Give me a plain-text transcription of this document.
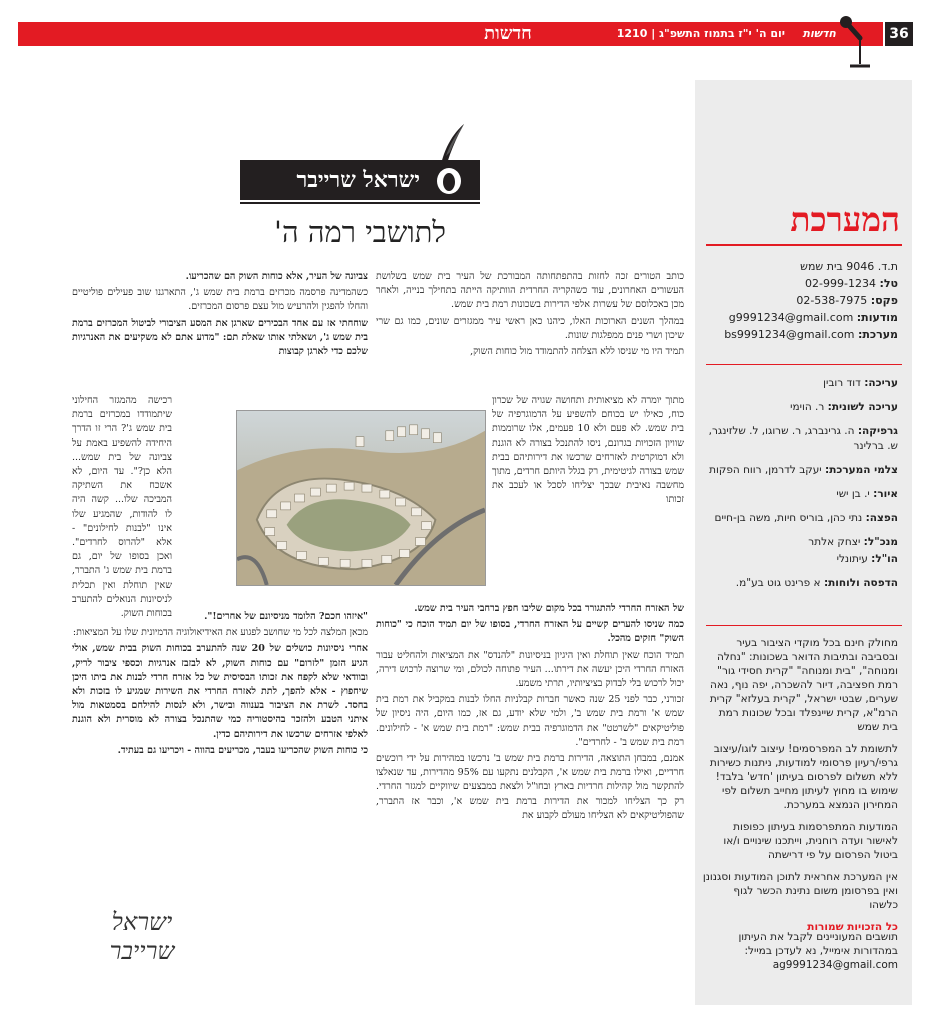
חדשות	יום ה' י"ז בתמוז התשפ"ג | 1210	חדשות	36
המערכת
ת.ד. 9046 בית שמש
טל: 02-999-1234
פקס: 02-538-7975
מודעות: g9991234@gmail.com
מערכת: bs9991234@gmail.com
עריכה: דוד רובין
עריכה לשונית: ר. הוימי
גרפיקה: ה. גרינברג, ר. שרוגו, ל. שלזינגר, ש. ברלינר
צלמי המערכת: יעקב לדרמן, רווח הפקות
איור: י. בן ישי
הפצה: נתי כהן, בוריס חיות, משה בן-חיים
מנכ"ל: יצחק אלתר
הו"ל: עיתונלי
הדפסה ולוחות: א פרינט גוט בע"מ.

מחולק חינם בכל מוקדי הציבור בעיר ובסביבה ובתיבות הדואר בשכונות: "נחלה ומנוחה", "בית ומנוחה" "קרית חסידי גור" רמת חפציבה, דיור להשכרה, יפה נוף, נאה שערים, שבטי ישראל, "קרית בעלזא" קרית הרמ"א, קרית שיינפלד ובכל שכונות רמת בית שמש

לתשומת לב המפרסמים! עיצוב לוגו/עיצוב גרפי/רעיון פרסומי למודעות, ניתנות כשירות ללא תשלום לפרסום בעיתון 'חדש' בלבד! שימוש בו מחוץ לעיתון מחייב תשלום לפי המחירון הנמצא במערכת.

המודעות המתפרסמות בעיתון כפופות לאישור ועדה רוחנית, וייתכנו שינויים ו/או ביטול הפרסום על פי דרישתה

אין המערכת אחראית לתוכן המודעות וסגנונן ואין בפרסומן משום נתינת הכשר לגוף כלשהו

כל הזכויות שמורות

תושבים המעוניינים לקבל את העיתון במהדורות אימייל, נא לעדכן במייל:
ag9991234@gmail.com
ישראל שרייבר
לתושבי רמה ה'

כותב הטורים זכה לחזות בהתפתחותה המבורכת של העיר בית שמש בשלושת העשורים האחרונים, עוד כשהקריה החרדית הוותיקה הייתה בתחילך בנייה, ולאחר מכן באכלוסם של עשרות אלפי הדירות בשכונות רמת בית שמש.

במהלך השנים הארוכות האלו, כיהנו כאן ראשי עיר ממגזרים שונים, כמו גם שרי שיכון ושרי פנים ממפלגות שונות.

תמיד היו מי שניסו ללא הצלחה להתמודד מול כוחות השוק,

מתוך יומרה לא מציאותית ותחושה שגויה של שכרון כוח, כאילו יש בכוחם להשפיע על הדמוגרפיה של בית שמש. לא פעם ולא 10 פעמים, אלו שרוממות שוויון הזכויות בגרונם, ניסו להתנכל בצורה לא הוגנת ולא דמוקרטית לאזרחים שרכשו את דירותיהם בבית שמש בצורה לגיטימית, רק בגלל היותם חרדים, מתוך מחשבה נאיבית שבכך יצליחו לסכל או לעכב את זכותו

של האזרח החרדי להתגורר בכל מקום שליבו חפץ ברחבי העיר בית שמש.

כמה שניסו להערים קשיים על האזרח החרדי, בסופו של יום תמיד הוכח כי "כוחות השוק" חזקים מהכל.

תמיד הוכח שאין תוחלת ואין היגיון בניסיונות "להנדס" את המציאות ולהחליט עבור האזרח החרדי היכן יעשה את דירתו... העיר פתוחה לכולם, ומי שרוצה לרכוש דירה, יכול לרכוש בלי לבדוק בציציותיו, תרתי משמע.

זכורני, כבר לפני 25 שנה כאשר חברות קבלניות החלו לבנות במקביל את רמת בית שמש א' ורמת בית שמש ב', ולמי שלא יודע, גם אז, כמו היום, היה ניסיון של פוליטיקאים "לשרטט" את הדמוגרפיה בבית שמש: "רמת בית שמש א' - לחילונים. רמת בית שמש ב' - לחרדים".

אמנם, במבחן התוצאה, הדירות ברמת בית שמש ב' נרכשו במהירות על ידי רוכשים חרדיים, ואילו ברמת בית שמש א', הקבלנים נתקעו עם 95% מהדירות, עד שנאלצו להתקשר מול קהילות חרדיות בארץ ובחו"ל ולצאת במבצעים שיווקיים למגזר החרדי. רק כך הצליחו למכור את הדירות ברמת בית שמש א', וכבר אז התברר, שהפוליטיקאים לא הצליחו מעולם לקבוע את

צביונה של העיר, אלא כוחות השוק הם שהכריעו.

כשהמדינה פרסמה מכרזים ברמת בית שמש ג', התארגנו שוב פעילים פוליטיים והחלו להפגין ולהרעיש מול עצם פרסום המכרזים.

שוחחתי אז עם אחד הבכירים שארגן את המסע הציבורי לביטול המכרזים ברמת בית שמש ג', ושאלתי אותו שאלת תם: "מדוע אתם לא משקיעים את האנרגיות שלכם כדי לארגן קבוצות

רכישה מהמגזר החילוני שיתמודדו במכרזים ברמת בית שמש ג'? הרי זו הדרך היחידה להשפיע באמת על צביונה של בית שמש... הלא כן?". עד היום, לא אשכח את השתיקה המביכה שלו... קשה היה לו להודות, שהמגיע שלו אינו "לבנות לחילונים" - אלא "להרוס לחרדים". ואכן בסופו של יום, גם ברמת בית שמש ג' התברר, שאין תוחלת ואין תכלית לניסיונות הנואלים להתערב בכוחות השוק.	"איזהו חכם? הלומד מניסיונם של אחרים!".

מכאן המלצה לכל מי שחושב לפגוע את האידיאולוגיה הדמיונית שלו על המציאות:

אחרי ניסיונות כושלים של 20 שנה להתערב בכוחות השוק בבית שמש, אולי הגיע הזמן "לזרום" עם כוחות השוק, לא לבזבז אנרגיות וכספי ציבור לריק, ובוודאי שלא לקפח את זכותו הבסיסית של כל אזרח חרדי לבנות את ביתו היכן שיחפוץ - אלא להפך, לתת לאזרח החרדי את השירות שמגיע לו בזכות ולא בחסד. לשרת את הציבור בענווה ובישר, ולא לנסות להילחם בסמטאות מול איתני הטבע ולהזכר בהיסטוריה כמי שהתנכל בצורה לא מוסרית ולא הוגנת לאלפי אזרחים שרכשו את דירותיהם כדין.

כי כוחות השוק שהכריעו בעבר, מכריעים בהווה - ויכריעו גם בעתיד.

ישראל שרייבר
